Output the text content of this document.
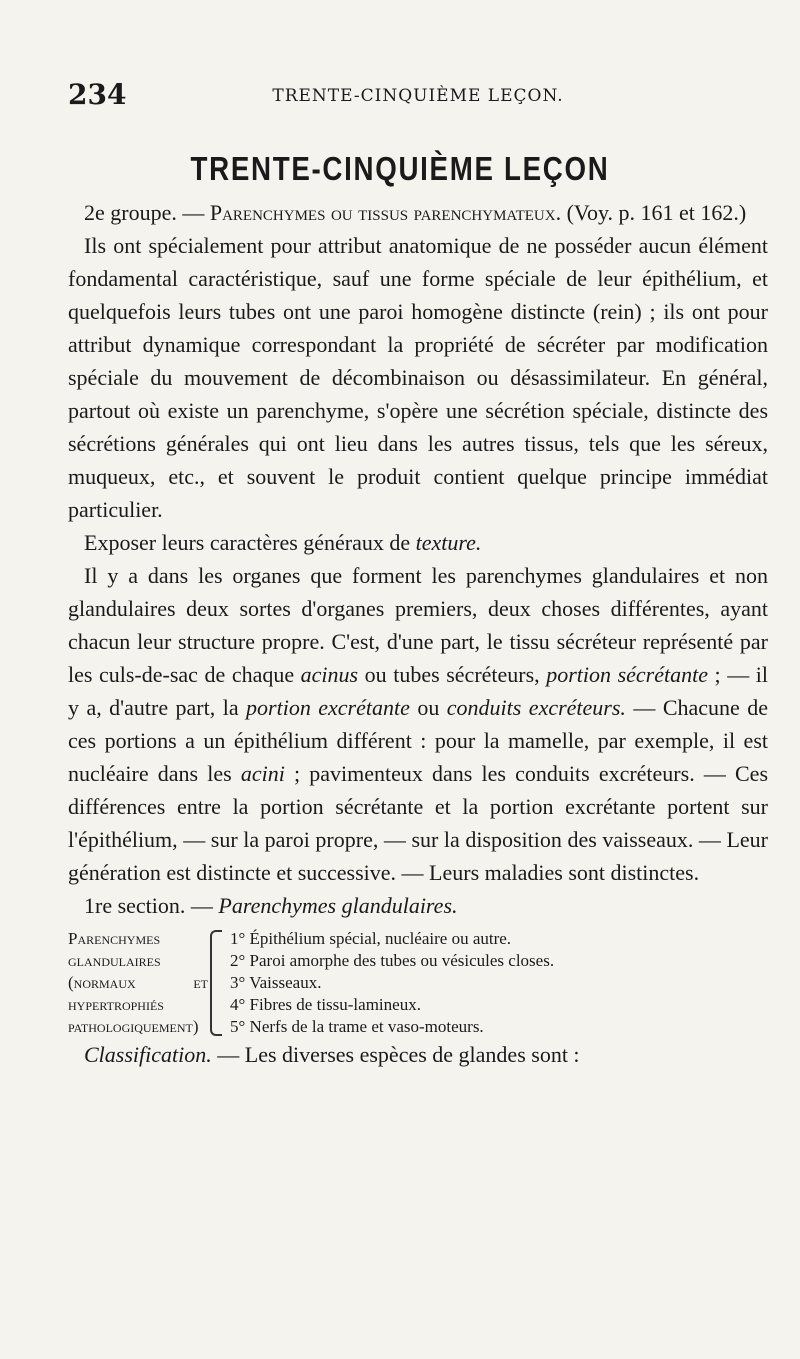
234	TRENTE-CINQUIÈME LEÇON.
TRENTE-CINQUIÈME LEÇON

2e groupe. — Parenchymes ou tissus parenchymateux. (Voy. p. 161 et 162.)

Ils ont spécialement pour attribut anatomique de ne posséder aucun élément fondamental caractéristique, sauf une forme spéciale de leur épithélium, et quelquefois leurs tubes ont une paroi homogène distincte (rein) ; ils ont pour attribut dynamique correspondant la propriété de sécréter par modification spéciale du mouvement de décombinaison ou désassimilateur. En général, partout où existe un parenchyme, s'opère une sécrétion spéciale, distincte des sécrétions générales qui ont lieu dans les autres tissus, tels que les séreux, muqueux, etc., et souvent le produit contient quelque principe immédiat particulier.

Exposer leurs caractères généraux de texture.

Il y a dans les organes que forment les parenchymes glandulaires et non glandulaires deux sortes d'organes premiers, deux choses différentes, ayant chacun leur structure propre. C'est, d'une part, le tissu sécréteur représenté par les culs-de-sac de chaque acinus ou tubes sécréteurs, portion sécrétante ; — il y a, d'autre part, la portion excrétante ou conduits excréteurs. — Chacune de ces portions a un épithélium différent : pour la mamelle, par exemple, il est nucléaire dans les acini ; pavimenteux dans les conduits excréteurs. — Ces différences entre la portion sécrétante et la portion excrétante portent sur l'épithélium, — sur la paroi propre, — sur la disposition des vaisseaux. — Leur génération est distincte et successive. — Leurs maladies sont distinctes.

1re section. — Parenchymes glandulaires.

Parenchymes glandulaires (normaux et hypertrophiés pathologiquement)
1° Épithélium spécial, nucléaire ou autre.
2° Paroi amorphe des tubes ou vésicules closes.
3° Vaisseaux.
4° Fibres de tissu-lamineux.
5° Nerfs de la trame et vaso-moteurs.

Classification. — Les diverses espèces de glandes sont :
